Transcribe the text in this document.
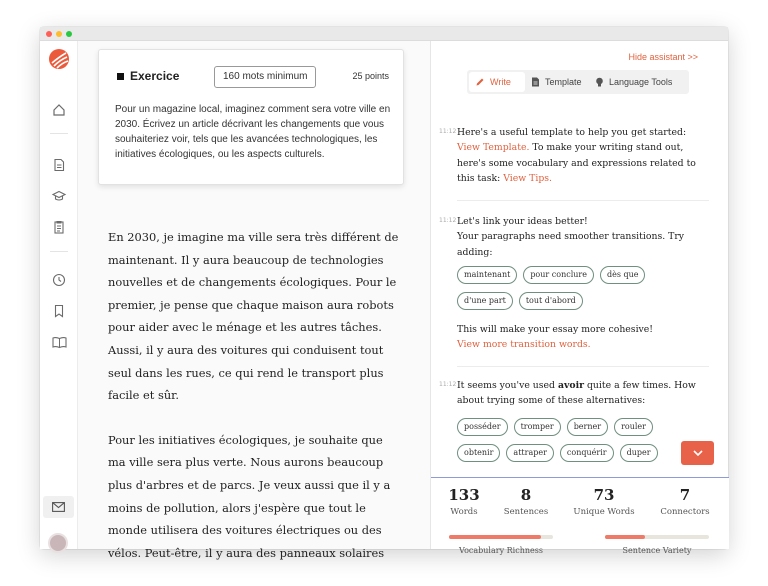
Exercice	160 mots minimum	25 points
Pour un magazine local, imaginez comment sera votre ville en 2030. Écrivez un article décrivant les changements que vous souhaiteriez voir, tels que les avancées technologiques, les initiatives écologiques, ou les aspects culturels.

En 2030, je imagine ma ville sera très différent de maintenant. Il y aura beaucoup de technologies nouvelles et de changements écologiques. Pour le premier, je pense que chaque maison aura robots pour aider avec le ménage et les autres tâches. Aussi, il y aura des voitures qui conduisent tout seul dans les rues, ce qui rend le transport plus facile et sûr.

Pour les initiatives écologiques, je souhaite que ma ville sera plus verte. Nous aurons beaucoup plus d'arbres et de parcs. Je veux aussi que il y a moins de pollution, alors j'espère que tout le monde utilisera des voitures électriques ou des vélos. Peut-être, il y aura des panneaux solaires

Hide assistant >>
Write	Template	Language Tools
11:12 Here's a useful template to help you get started:
View Template. To make your writing stand out, here's some vocabulary and expressions related to this task: View Tips.
11:12 Let's link your ideas better!
Your paragraphs need smoother transitions. Try adding:
maintenant	pour conclure	dès que
d'une part	tout d'abord
This will make your essay more cohesive!
View more transition words.
11:12 It seems you've used avoir quite a few times. How about trying some of these alternatives:
posséder	tromper	berner	rouler
obtenir	attraper	conquérir	duper
133
Words
8
Sentences
73
Unique Words
7
Connectors
Vocabulary Richness	Sentence Variety
